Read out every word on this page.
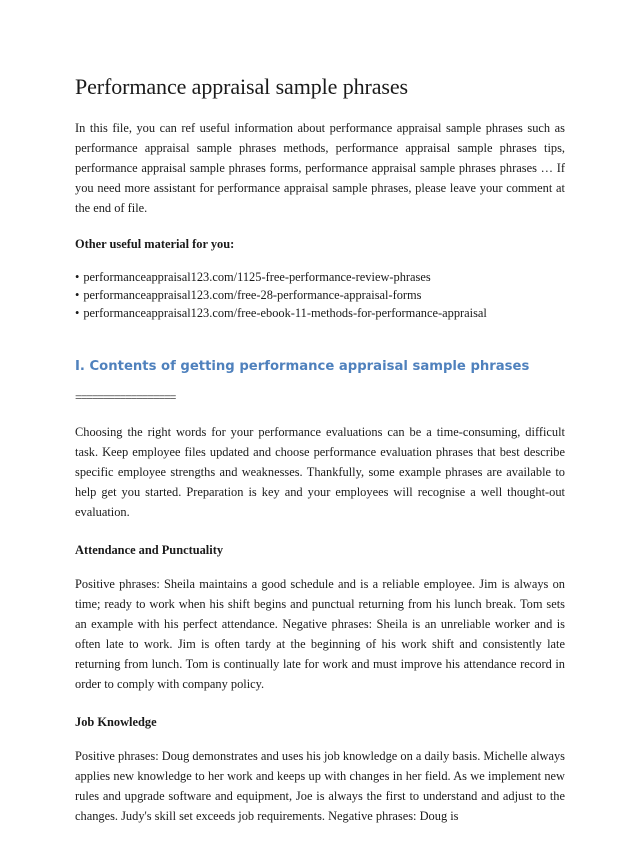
Performance appraisal sample phrases

In this file, you can ref useful information about performance appraisal sample phrases such as performance appraisal sample phrases methods, performance appraisal sample phrases tips, performance appraisal sample phrases forms, performance appraisal sample phrases phrases … If you need more assistant for performance appraisal sample phrases, please leave your comment at the end of file.

Other useful material for you:
• performanceappraisal123.com/1125-free-performance-review-phrases
• performanceappraisal123.com/free-28-performance-appraisal-forms
• performanceappraisal123.com/free-ebook-11-methods-for-performance-appraisal
I. Contents of getting performance appraisal sample phrases
==================

Choosing the right words for your performance evaluations can be a time-consuming, difficult task. Keep employee files updated and choose performance evaluation phrases that best describe specific employee strengths and weaknesses. Thankfully, some example phrases are available to help get you started. Preparation is key and your employees will recognise a well thought-out evaluation.

Attendance and Punctuality

Positive phrases: Sheila maintains a good schedule and is a reliable employee. Jim is always on time; ready to work when his shift begins and punctual returning from his lunch break. Tom sets an example with his perfect attendance. Negative phrases: Sheila is an unreliable worker and is often late to work. Jim is often tardy at the beginning of his work shift and consistently late returning from lunch. Tom is continually late for work and must improve his attendance record in order to comply with company policy.

Job Knowledge

Positive phrases: Doug demonstrates and uses his job knowledge on a daily basis. Michelle always applies new knowledge to her work and keeps up with changes in her field. As we implement new rules and upgrade software and equipment, Joe is always the first to understand and adjust to the changes. Judy's skill set exceeds job requirements. Negative phrases: Doug is
